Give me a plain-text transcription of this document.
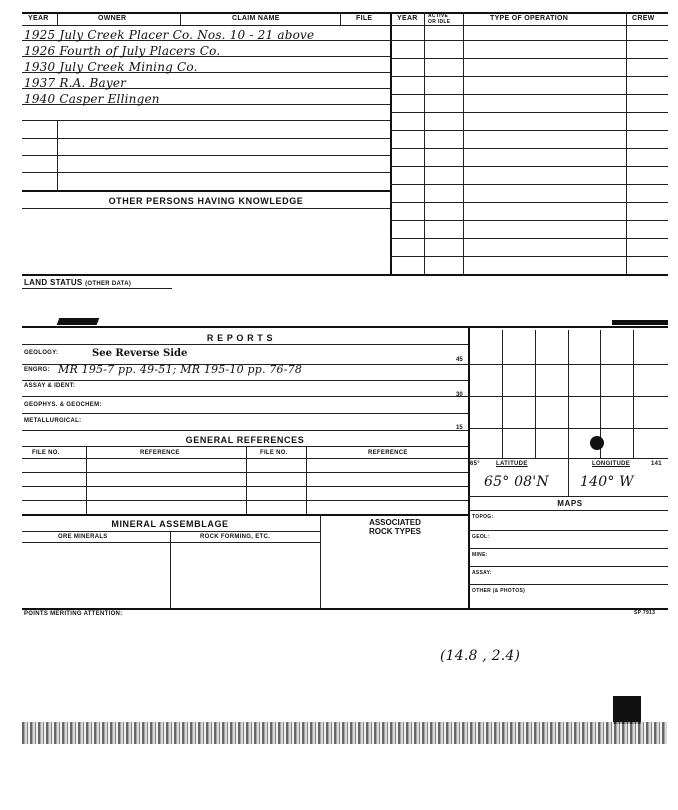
YEAR	OWNER	CLAIM NAME	FILE	YEAR ACTIVE
OR IDLE	TYPE OF OPERATION	CREW
1925 July Creek Placer Co. Nos. 10 - 21 above
1926 Fourth of July Placers Co.
1930 July Creek Mining Co.
1937 R.A. Bayer
1940 Casper Ellingen
OTHER PERSONS HAVING KNOWLEDGE
LAND STATUS (OTHER DATA)
R E P O R T S
GEOLOGY:	See Reverse Side
ENGRG: MR 195-7 pp. 49-51; MR 195-10 pp. 76-78
ASSAY & IDENT:
GEOPHYS. & GEOCHEM:
METALLURGICAL:
45
30
15
65°	LATITUDE	LONGITUDE	141
65° 08'N 140° W
MAPS
TOPOG:
GEOL:
MINE:
ASSAY:
OTHER (& PHOTOS)
GENERAL REFERENCES
FILE NO.	REFERENCE	FILE NO.	REFERENCE
MINERAL ASSEMBLAGE	ASSOCIATED
ROCK TYPES
ORE MINERALS	ROCK FORMING, ETC.
POINTS MERITING ATTENTION:	SP 7913
(14.8 , 2.4)
